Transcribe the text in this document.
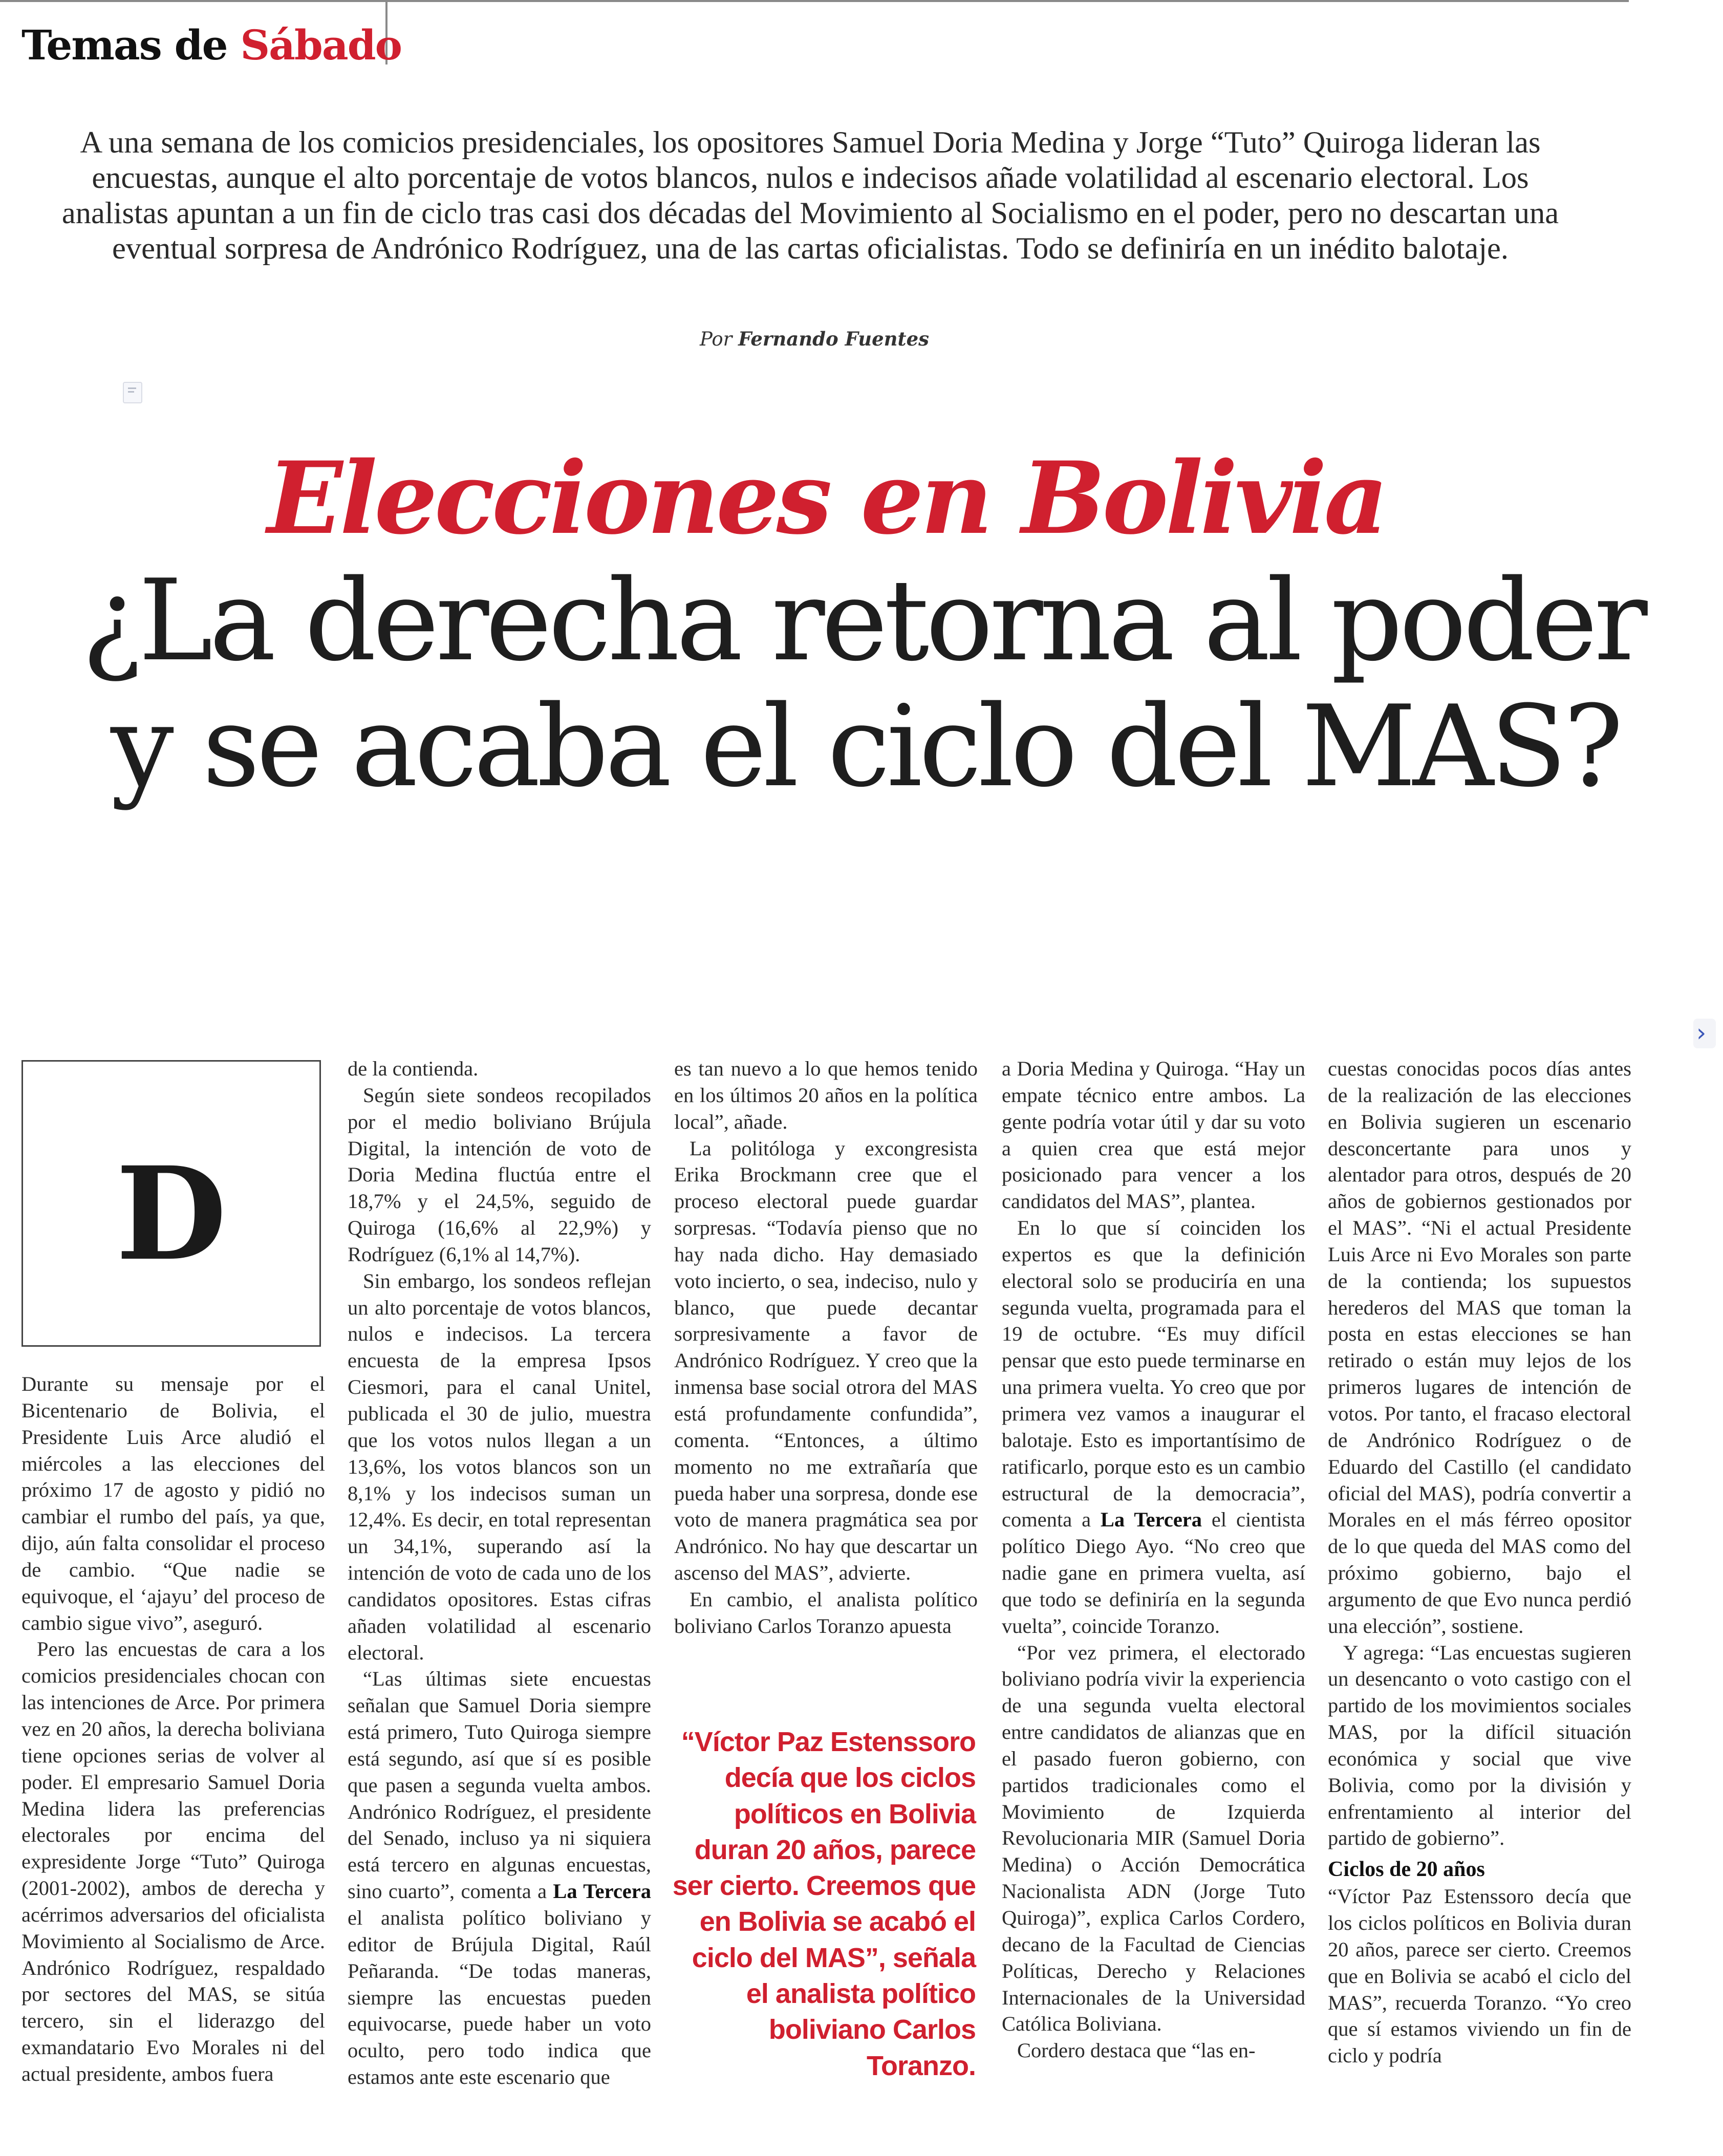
Temas de Sábado

A una semana de los comicios presidenciales, los opositores Samuel Doria Medina y Jorge “Tuto” Quiroga lideran las encuestas, aunque el alto porcentaje de votos blancos, nulos e indecisos añade volatilidad al escenario electoral. Los analistas apuntan a un fin de ciclo tras casi dos décadas del Movimiento al Socialismo en el poder, pero no descartan una eventual sorpresa de Andrónico Rodríguez, una de las cartas oficialistas. Todo se definiría en un inédito balotaje.

Por Fernando Fuentes
Elecciones en Bolivia
¿La derecha retorna al poder
y se acaba el ciclo del MAS?
›
D

Durante su mensaje por el Bicentenario de Bolivia, el Presidente Luis Arce aludió el miércoles a las elecciones del próximo 17 de agosto y pidió no cambiar el rumbo del país, ya que, dijo, aún falta consolidar el proceso de cambio. “Que nadie se equivoque, el ‘ajayu’ del proceso de cambio sigue vivo”, aseguró.

Pero las encuestas de cara a los comicios presidenciales chocan con las intenciones de Arce. Por primera vez en 20 años, la derecha boliviana tiene opciones serias de volver al poder. El empresario Samuel Doria Medina lidera las preferencias electorales por encima del expresidente Jorge “Tuto” Quiroga (2001-2002), ambos de derecha y acérrimos adversarios del oficialista Movimiento al Socialismo de Arce. Andrónico Rodríguez, respaldado por sectores del MAS, se sitúa tercero, sin el liderazgo del exmandatario Evo Morales ni del actual presidente, ambos fuera

de la contienda.

Según siete sondeos recopilados por el medio boliviano Brújula Digital, la intención de voto de Doria Medina fluctúa entre el 18,7% y el 24,5%, seguido de Quiroga (16,6% al 22,9%) y Rodríguez (6,1% al 14,7%).

Sin embargo, los sondeos reflejan un alto porcentaje de votos blancos, nulos e indecisos. La tercera encuesta de la empresa Ipsos Ciesmori, para el canal Unitel, publicada el 30 de julio, muestra que los votos nulos llegan a un 13,6%, los votos blancos son un 8,1% y los indecisos suman un 12,4%. Es decir, en total representan un 34,1%, superando así la intención de voto de cada uno de los candidatos opositores. Estas cifras añaden volatilidad al escenario electoral.

“Las últimas siete encuestas señalan que Samuel Doria siempre está primero, Tuto Quiroga siempre está segundo, así que sí es posible que pasen a segunda vuelta ambos. Andrónico Rodríguez, el presidente del Senado, incluso ya ni siquiera está tercero en algunas encuestas, sino cuarto”, comenta a La Tercera el analista político boliviano y editor de Brújula Digital, Raúl Peñaranda. “De todas maneras, siempre las encuestas pueden equivocarse, puede haber un voto oculto, pero todo indica que estamos ante este escenario que

es tan nuevo a lo que hemos tenido en los últimos 20 años en la política local”, añade.

La politóloga y excongresista Erika Brockmann cree que el proceso electoral puede guardar sorpresas. “Todavía pienso que no hay nada dicho. Hay demasiado voto incierto, o sea, indeciso, nulo y blanco, que puede decantar sorpresivamente a favor de Andrónico Rodríguez. Y creo que la inmensa base social otrora del MAS está profundamente confundida”, comenta. “Entonces, a último momento no me extrañaría que pueda haber una sorpresa, donde ese voto de manera pragmática sea por Andrónico. No hay que descartar un ascenso del MAS”, advierte.

En cambio, el analista político boliviano Carlos Toranzo apuesta

“Víctor Paz Estenssoro decía que los ciclos políticos en Bolivia duran 20 años, parece ser cierto. Creemos que en Bolivia se acabó el ciclo del MAS”, señala el analista político boliviano Carlos Toranzo.

a Doria Medina y Quiroga. “Hay un empate técnico entre ambos. La gente podría votar útil y dar su voto a quien crea que está mejor posicionado para vencer a los candidatos del MAS”, plantea.

En lo que sí coinciden los expertos es que la definición electoral solo se produciría en una segunda vuelta, programada para el 19 de octubre. “Es muy difícil pensar que esto puede terminarse en una primera vuelta. Yo creo que por primera vez vamos a inaugurar el balotaje. Esto es importantísimo de ratificarlo, porque esto es un cambio estructural de la democracia”, comenta a La Tercera el cientista político Diego Ayo. “No creo que nadie gane en primera vuelta, así que todo se definiría en la segunda vuelta”, coincide Toranzo.

“Por vez primera, el electorado boliviano podría vivir la experiencia de una segunda vuelta electoral entre candidatos de alianzas que en el pasado fueron gobierno, con partidos tradicionales como el Movimiento de Izquierda Revolucionaria MIR (Samuel Doria Medina) o Acción Democrática Nacionalista ADN (Jorge Tuto Quiroga)”, explica Carlos Cordero, decano de la Facultad de Ciencias Políticas, Derecho y Relaciones Internacionales de la Universidad Católica Boliviana.

Cordero destaca que “las en-

cuestas conocidas pocos días antes de la realización de las elecciones en Bolivia sugieren un escenario desconcertante para unos y alentador para otros, después de 20 años de gobiernos gestionados por el MAS”. “Ni el actual Presidente Luis Arce ni Evo Morales son parte de la contienda; los supuestos herederos del MAS que toman la posta en estas elecciones se han retirado o están muy lejos de los primeros lugares de intención de votos. Por tanto, el fracaso electoral de Andrónico Rodríguez o de Eduardo del Castillo (el candidato oficial del MAS), podría convertir a Morales en el más férreo opositor de lo que queda del MAS como del próximo gobierno, bajo el argumento de que Evo nunca perdió una elección”, sostiene.

Y agrega: “Las encuestas sugieren un desencanto o voto castigo con el partido de los movimientos sociales MAS, por la difícil situación económica y social que vive Bolivia, como por la división y enfrentamiento al interior del partido de gobierno”.

Ciclos de 20 años

“Víctor Paz Estenssoro decía que los ciclos políticos en Bolivia duran 20 años, parece ser cierto. Creemos que en Bolivia se acabó el ciclo del MAS”, recuerda Toranzo. “Yo creo que sí estamos viviendo un fin de ciclo y podría
